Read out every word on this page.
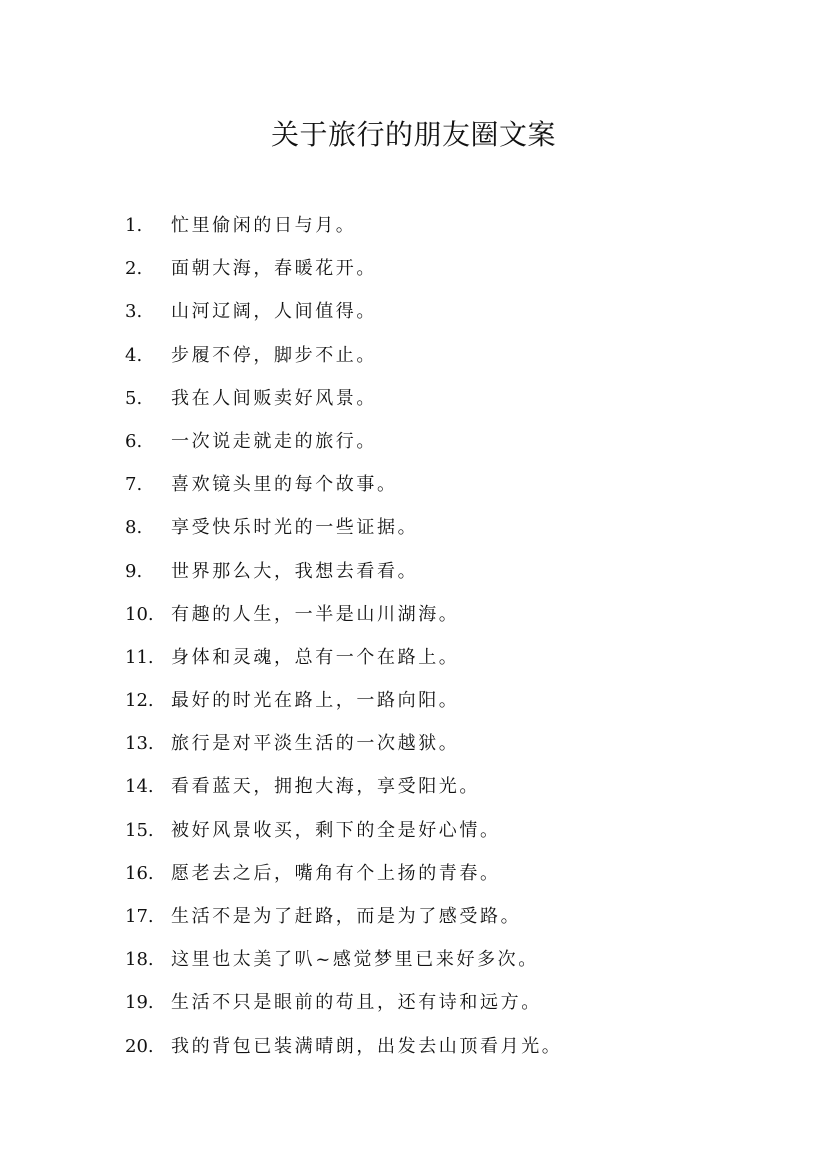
关于旅行的朋友圈文案
1. 忙里偷闲的日与月。
2. 面朝大海，春暖花开。
3. 山河辽阔，人间值得。
4. 步履不停，脚步不止。
5. 我在人间贩卖好风景。
6. 一次说走就走的旅行。
7. 喜欢镜头里的每个故事。
8. 享受快乐时光的一些证据。
9. 世界那么大，我想去看看。
10. 有趣的人生，一半是山川湖海。
11. 身体和灵魂，总有一个在路上。
12. 最好的时光在路上，一路向阳。
13. 旅行是对平淡生活的一次越狱。
14. 看看蓝天，拥抱大海，享受阳光。
15. 被好风景收买，剩下的全是好心情。
16. 愿老去之后，嘴角有个上扬的青春。
17. 生活不是为了赶路，而是为了感受路。
18. 这里也太美了叭~感觉梦里已来好多次。
19. 生活不只是眼前的苟且，还有诗和远方。
20. 我的背包已装满晴朗，出发去山顶看月光。
